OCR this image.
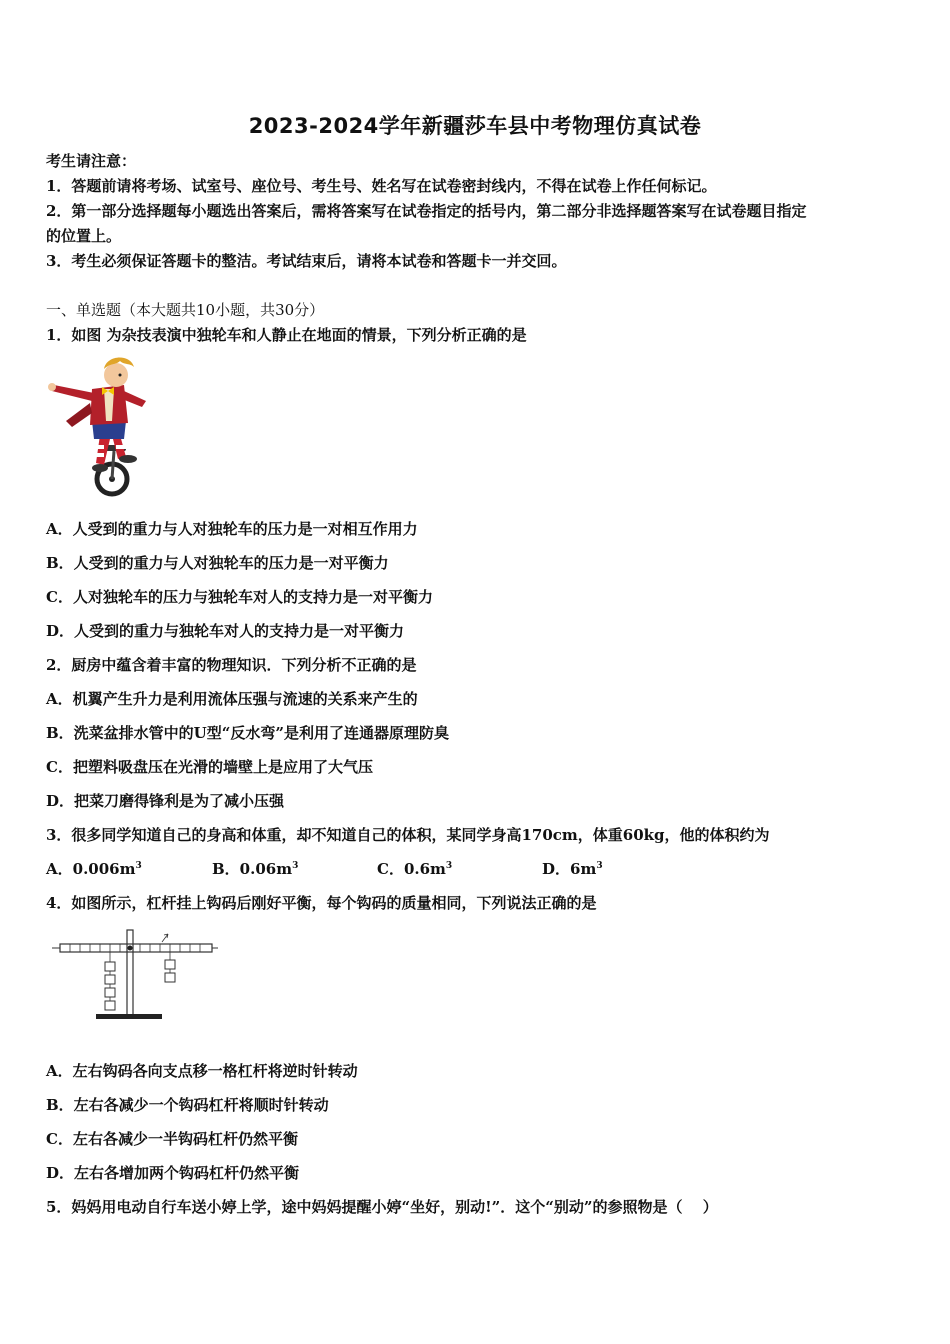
2023-2024学年新疆莎车县中考物理仿真试卷
考生请注意：
1．答题前请将考场、试室号、座位号、考生号、姓名写在试卷密封线内，不得在试卷上作任何标记。
2．第一部分选择题每小题选出答案后，需将答案写在试卷指定的括号内，第二部分非选择题答案写在试卷题目指定
的位置上。
3．考生必须保证答题卡的整洁。考试结束后，请将本试卷和答题卡一并交回。
一、单选题（本大题共10小题，共30分）
1．如图 为杂技表演中独轮车和人静止在地面的情景，下列分析正确的是
A．人受到的重力与人对独轮车的压力是一对相互作用力
B．人受到的重力与人对独轮车的压力是一对平衡力
C．人对独轮车的压力与独轮车对人的支持力是一对平衡力
D．人受到的重力与独轮车对人的支持力是一对平衡力
2．厨房中蕴含着丰富的物理知识．下列分析不正确的是
A．机翼产生升力是利用流体压强与流速的关系来产生的
B．洗菜盆排水管中的U型“反水弯”是利用了连通器原理防臭
C．把塑料吸盘压在光滑的墙壁上是应用了大气压
D．把菜刀磨得锋利是为了减小压强
3．很多同学知道自己的身高和体重，却不知道自己的体积，某同学身高170cm，体重60kg，他的体积约为
A．$0.006m^3$	B．$0.06m^3$	C．$0.6m^3$	D．$6m^3$
4．如图所示，杠杆挂上钩码后刚好平衡，每个钩码的质量相同，下列说法正确的是
A．左右钩码各向支点移一格杠杆将逆时针转动
B．左右各减少一个钩码杠杆将顺时针转动
C．左右各减少一半钩码杠杆仍然平衡
D．左右各增加两个钩码杠杆仍然平衡
5．妈妈用电动自行车送小婷上学，途中妈妈提醒小婷“坐好，别动!”．这个“别动”的参照物是（　 ）
